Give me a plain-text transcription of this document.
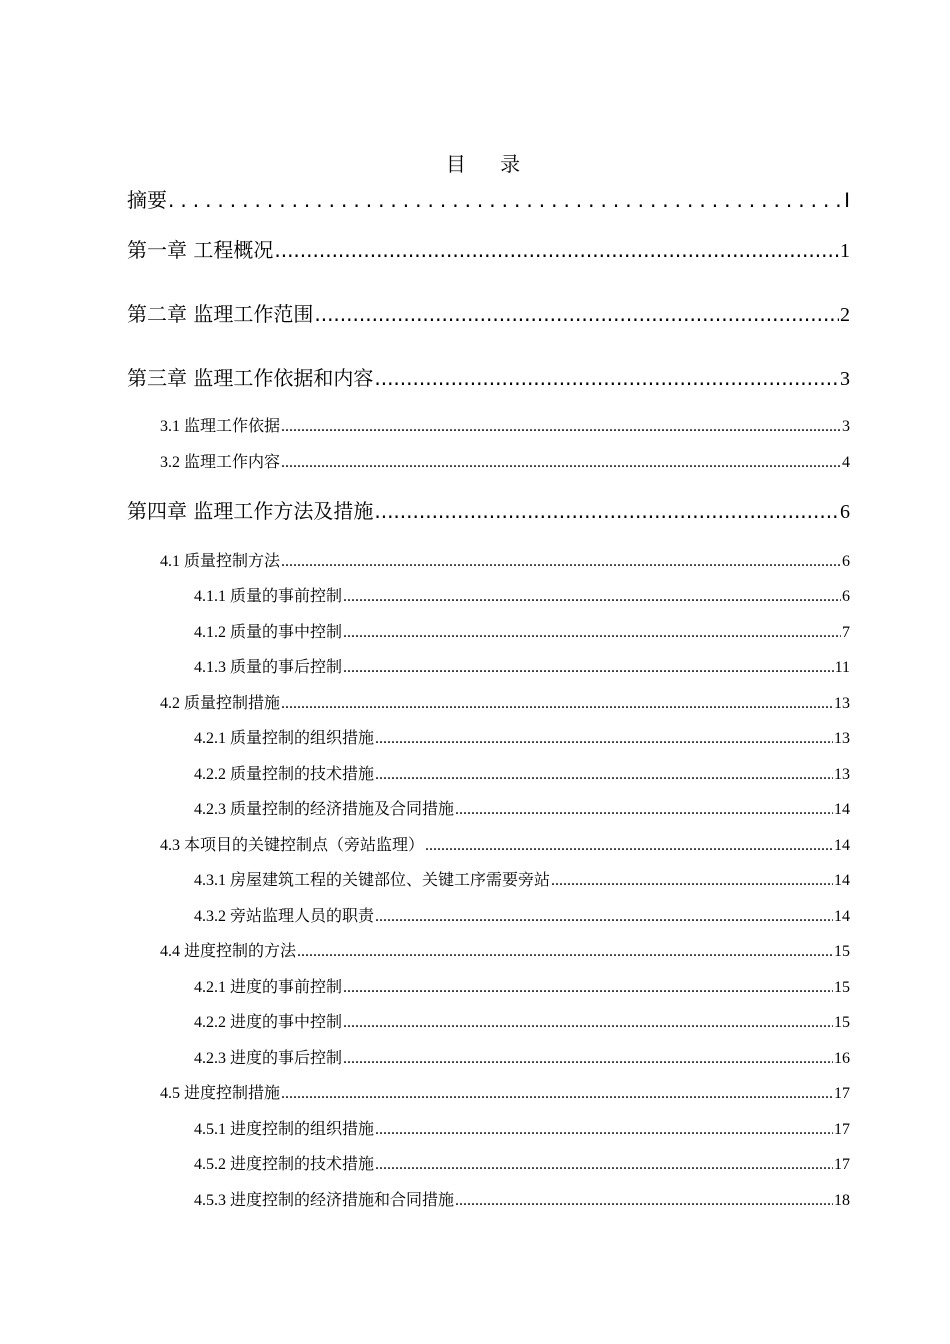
目 录
摘要 .....	Ⅰ
第一章 工程概况 .....	1
第二章 监理工作范围 .....	2
第三章 监理工作依据和内容 .....	3
3.1 监理工作依据 .....	3
3.2 监理工作内容 .....	4
第四章 监理工作方法及措施 .....	6
4.1 质量控制方法 .....	6
4.1.1 质量的事前控制 .....	6
4.1.2 质量的事中控制 .....	7
4.1.3 质量的事后控制 .....	11
4.2 质量控制措施 .....	13
4.2.1 质量控制的组织措施 .....	13
4.2.2 质量控制的技术措施 .....	13
4.2.3 质量控制的经济措施及合同措施 .....	14
4.3 本项目的关键控制点（旁站监理） .....	14
4.3.1 房屋建筑工程的关键部位、关键工序需要旁站 .....	14
4.3.2 旁站监理人员的职责 .....	14
4.4 进度控制的方法 .....	15
4.2.1 进度的事前控制 .....	15
4.2.2 进度的事中控制 .....	15
4.2.3 进度的事后控制 .....	16
4.5 进度控制措施 .....	17
4.5.1 进度控制的组织措施 .....	17
4.5.2 进度控制的技术措施 .....	17
4.5.3 进度控制的经济措施和合同措施 .....	18
